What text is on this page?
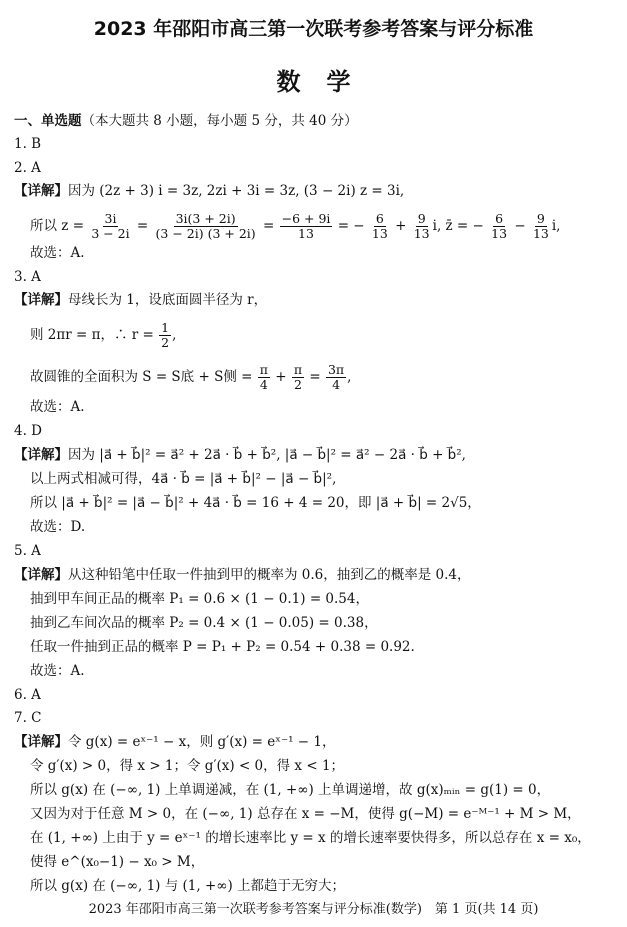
2023 年邵阳市高三第一次联考参考答案与评分标准
数学
一、单选题（本大题共 8 小题，每小题 5 分，共 40 分）
1. B
2. A
【详解】因为 (2z + 3) i = 3z, 2zi + 3i = 3z, (3 − 2i) z = 3i,
所以 $z = \frac{3i}{3 - 2i} = \frac{3i(3 + 2i)}{(3 - 2i) (3 + 2i)} = \frac{-6 + 9i}{13}$ = − $\frac{6}{13} + \frac{9}{13} i$, z̄ = − $\frac{6}{13} - \frac{9}{13} i$,
故选：A.
3. A
【详解】母线长为 1，设底面圆半径为 r，
则 2πr = π，∴ $r = \frac{1}{2}$ ,
故圆锥的全面积为 S = S底 + S侧 = $\frac{\pi}{4} + \frac{\pi}{2} = \frac{3\pi}{4}$ ,
故选：A.
4. D
【详解】因为 |a⃗ + b⃗|² = a⃗² + 2a⃗ · b⃗ + b⃗², |a⃗ − b⃗|² = a⃗² − 2a⃗ · b⃗ + b⃗²,
以上两式相减可得，4a⃗ · b⃗ = |a⃗ + b⃗|² − |a⃗ − b⃗|²,
所以 |a⃗ + b⃗|² = |a⃗ − b⃗|² + 4a⃗ · b⃗ = 16 + 4 = 20，即 |a⃗ + b⃗| = 2√5，
故选：D.
5. A
【详解】从这种铅笔中任取一件抽到甲的概率为 0.6，抽到乙的概率是 0.4，
抽到甲车间正品的概率 P₁ = 0.6 × (1 − 0.1) = 0.54，
抽到乙车间次品的概率 P₂ = 0.4 × (1 − 0.05) = 0.38，
任取一件抽到正品的概率 P = P₁ + P₂ = 0.54 + 0.38 = 0.92.
故选：A.
6. A
7. C
【详解】令 g(x) = eˣ⁻¹ − x，则 g′(x) = eˣ⁻¹ − 1，
令 g′(x) > 0，得 x > 1；令 g′(x) < 0，得 x < 1；
所以 g(x) 在 (−∞, 1) 上单调递减，在 (1, +∞) 上单调递增，故 g(x)ₘᵢₙ = g(1) = 0，
又因为对于任意 M > 0，在 (−∞, 1) 总存在 x = −M，使得 g(−M) = e⁻ᴹ⁻¹ + M > M，
在 (1, +∞) 上由于 y = eˣ⁻¹ 的增长速率比 y = x 的增长速率要快得多，所以总存在 x = x₀，
使得 e^(x₀−1) − x₀ > M，
所以 g(x) 在 (−∞, 1) 与 (1, +∞) 上都趋于无穷大；
2023 年邵阳市高三第一次联考参考答案与评分标准(数学)　第 1 页(共 14 页)
